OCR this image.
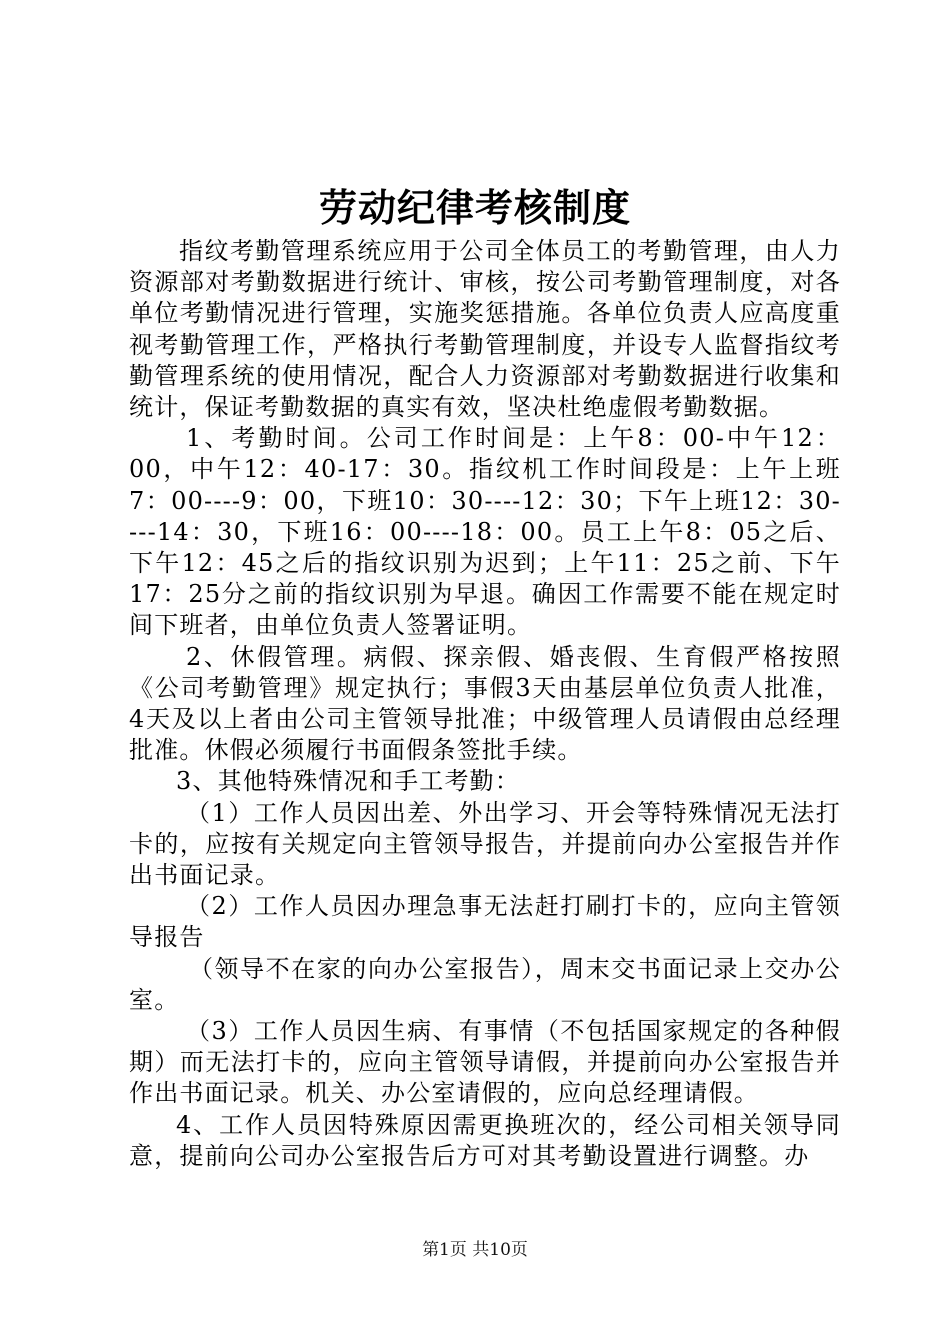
劳动纪律考核制度

指纹考勤管理系统应用于公司全体员工的考勤管理，由人力资源部对考勤数据进行统计、审核，按公司考勤管理制度，对各单位考勤情况进行管理，实施奖惩措施。各单位负责人应高度重视考勤管理工作，严格执行考勤管理制度，并设专人监督指纹考勤管理系统的使用情况，配合人力资源部对考勤数据进行收集和统计，保证考勤数据的真实有效，坚决杜绝虚假考勤数据。

1、考勤时间。公司工作时间是：上午8：00-中午12：00，中午12：40-17：30。指纹机工作时间段是：上午上班7：00----9：00，下班10：30----12：30；下午上班12：30----14：30，下班16：00----18：00。员工上午8：05之后、下午12：45之后的指纹识别为迟到；上午11：25之前、下午17：25分之前的指纹识别为早退。确因工作需要不能在规定时间下班者，由单位负责人签署证明。

2、休假管理。病假、探亲假、婚丧假、生育假严格按照《公司考勤管理》规定执行；事假3天由基层单位负责人批准，4天及以上者由公司主管领导批准；中级管理人员请假由总经理批准。休假必须履行书面假条签批手续。

3、其他特殊情况和手工考勤：

（1）工作人员因出差、外出学习、开会等特殊情况无法打卡的，应按有关规定向主管领导报告，并提前向办公室报告并作出书面记录。

（2）工作人员因办理急事无法赶打刷打卡的，应向主管领导报告

（领导不在家的向办公室报告），周末交书面记录上交办公室。

（3）工作人员因生病、有事情（不包括国家规定的各种假期）而无法打卡的，应向主管领导请假，并提前向办公室报告并作出书面记录。机关、办公室请假的，应向总经理请假。

4、工作人员因特殊原因需更换班次的，经公司相关领导同意，提前向公司办公室报告后方可对其考勤设置进行调整。办

第1页 共10页
